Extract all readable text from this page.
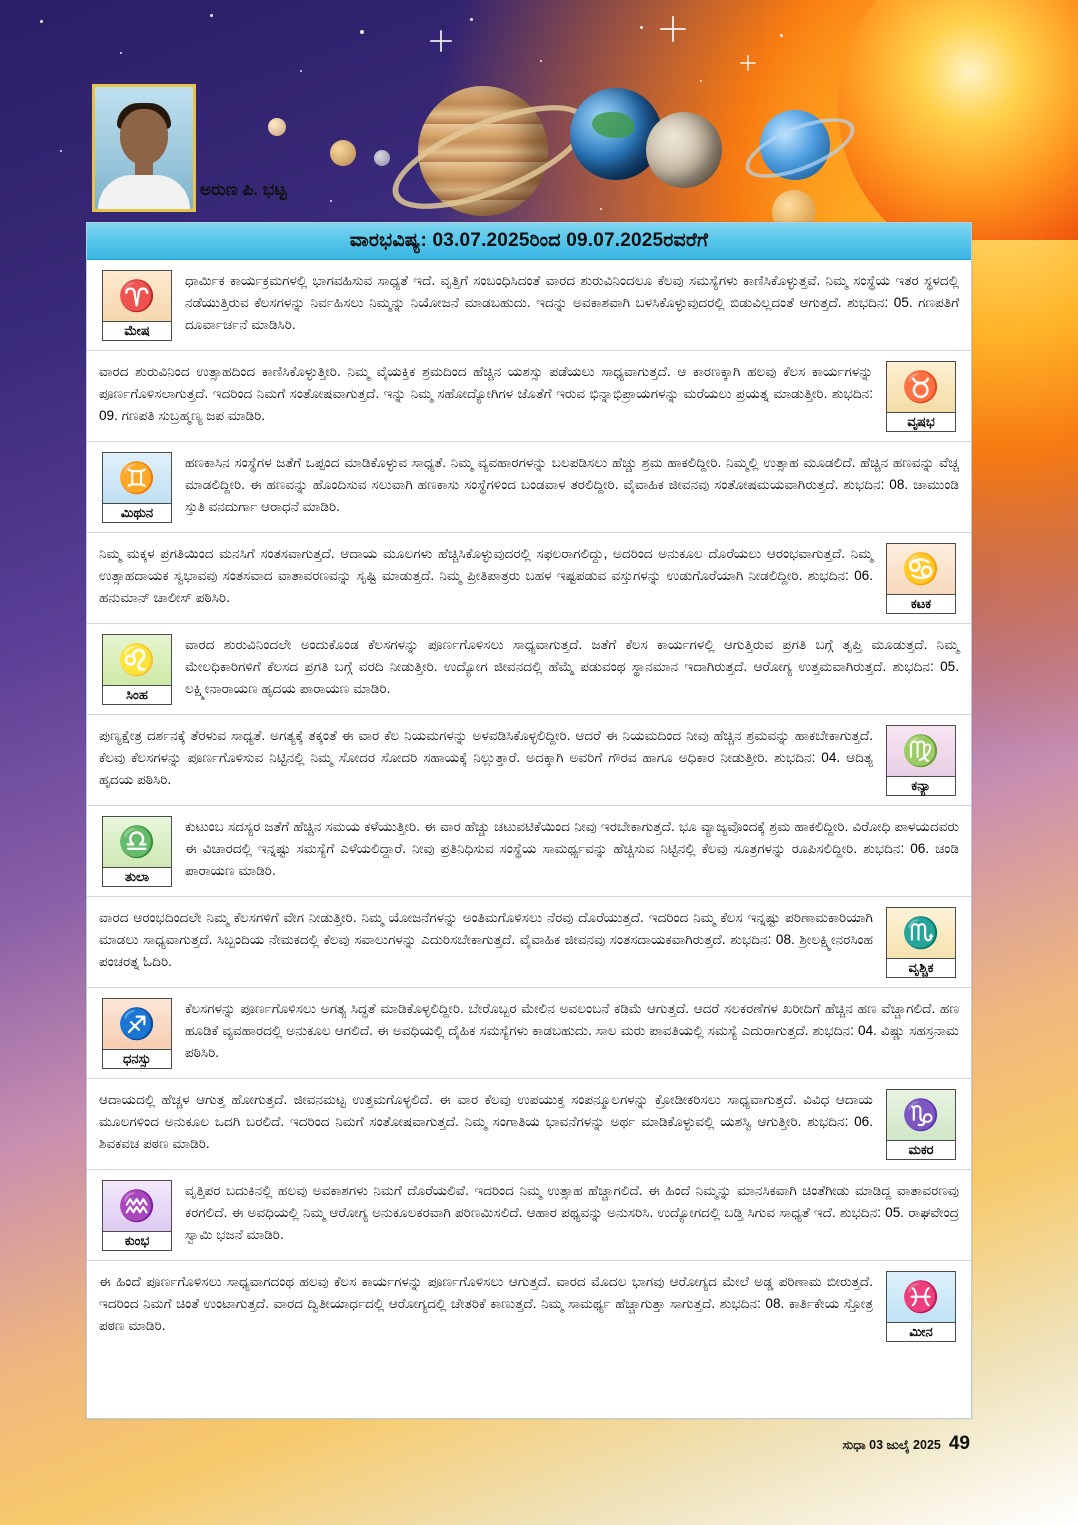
ಅರುಣ ಪಿ. ಭಟ್ಟ
ವಾರಭವಿಷ್ಯ: 03.07.2025ರಿಂದ 09.07.2025ರವರೆಗೆ
♈
ಮೇಷ
ಧಾರ್ಮಿಕ ಕಾರ್ಯಕ್ರಮಗಳಲ್ಲಿ ಭಾಗವಹಿಸುವ ಸಾಧ್ಯತೆ ಇದೆ. ವೃತ್ತಿಗೆ ಸಂಬಂಧಿಸಿದಂತೆ ವಾರದ ಶುರುವಿನಿಂದಲೂ ಕೆಲವು ಸಮಸ್ಯೆಗಳು ಕಾಣಿಸಿಕೊಳ್ಳುತ್ತವೆ. ನಿಮ್ಮ ಸಂಸ್ಥೆಯ ಇತರ ಸ್ಥಳದಲ್ಲಿ ನಡೆಯುತ್ತಿರುವ ಕೆಲಸಗಳನ್ನು ನಿರ್ವಹಿಸಲು ನಿಮ್ಮನ್ನು ನಿಯೋಜನೆ ಮಾಡಬಹುದು. ಇದನ್ನು ಅವಕಾಶವಾಗಿ ಬಳಸಿಕೊಳ್ಳುವುದರಲ್ಲಿ ಬಿಡುವಿಲ್ಲದಂತೆ ಆಗುತ್ತದೆ. ಶುಭದಿನ: 05. ಗಣಪತಿಗೆ ದೂರ್ವಾರ್ಚನೆ ಮಾಡಿಸಿರಿ.
♉
ವೃಷಭ
ವಾರದ ಶುರುವಿನಿಂದ ಉತ್ಸಾಹದಿಂದ ಕಾಣಿಸಿಕೊಳ್ಳುತ್ತೀರಿ. ನಿಮ್ಮ ವೈಯಕ್ತಿಕ ಶ್ರಮದಿಂದ ಹೆಚ್ಚಿನ ಯಶಸ್ಸು ಪಡೆಯಲು ಸಾಧ್ಯವಾಗುತ್ತದೆ. ಆ ಕಾರಣಕ್ಕಾಗಿ ಹಲವು ಕೆಲಸ ಕಾರ್ಯಗಳನ್ನು ಪೂರ್ಣಗೊಳಿಸಲಾಗುತ್ತದೆ. ಇದರಿಂದ ನಿಮಗೆ ಸಂತೋಷವಾಗುತ್ತದೆ. ಇನ್ನು ನಿಮ್ಮ ಸಹೋದ್ಯೋಗಿಗಳ ಜೊತೆಗೆ ಇರುವ ಭಿನ್ನಾಭಿಪ್ರಾಯಗಳನ್ನು ಮರೆಯಲು ಪ್ರಯತ್ನ ಮಾಡುತ್ತೀರಿ. ಶುಭದಿನ: 09. ಗಣಪತಿ ಸುಬ್ರಹ್ಮಣ್ಯ ಜಪ ಮಾಡಿರಿ.
♊
ಮಿಥುನ
ಹಣಕಾಸಿನ ಸಂಸ್ಥೆಗಳ ಜತೆಗೆ ಒಪ್ಪಂದ ಮಾಡಿಕೊಳ್ಳುವ ಸಾಧ್ಯತೆ. ನಿಮ್ಮ ವ್ಯವಹಾರಗಳನ್ನು ಬಲಪಡಿಸಲು ಹೆಚ್ಚು ಶ್ರಮ ಹಾಕಲಿದ್ದೀರಿ. ನಿಮ್ಮಲ್ಲಿ ಉತ್ಸಾಹ ಮೂಡಲಿದೆ. ಹೆಚ್ಚಿನ ಹಣವನ್ನು ವೆಚ್ಚ ಮಾಡಲಿದ್ದೀರಿ. ಈ ಹಣವನ್ನು ಹೊಂದಿಸುವ ಸಲುವಾಗಿ ಹಣಕಾಸು ಸಂಸ್ಥೆಗಳಿಂದ ಬಂಡವಾಳ ತರಲಿದ್ದೀರಿ. ವೈವಾಹಿಕ ಜೀವನವು ಸಂತೋಷಮಯವಾಗಿರುತ್ತದೆ. ಶುಭದಿನ: 08. ಚಾಮುಂಡಿ ಸ್ತುತಿ ವನದುರ್ಗಾ ಆರಾಧನೆ ಮಾಡಿರಿ.
♋
ಕಟಕ
ನಿಮ್ಮ ಮಕ್ಕಳ ಪ್ರಗತಿಯಿಂದ ಮನಸಿಗೆ ಸಂತಸವಾಗುತ್ತದೆ. ಆದಾಯ ಮೂಲಗಳು ಹೆಚ್ಚಿಸಿಕೊಳ್ಳುವುದರಲ್ಲಿ ಸಫಲರಾಗಲಿದ್ದು, ಅದರಿಂದ ಅನುಕೂಲ ದೊರೆಯಲು ಆರಂಭವಾಗುತ್ತದೆ. ನಿಮ್ಮ ಉತ್ಸಾಹದಾಯಕ ಸ್ವಭಾವವು ಸಂತಸವಾದ ವಾತಾವರಣವನ್ನು ಸೃಷ್ಟಿ ಮಾಡುತ್ತದೆ. ನಿಮ್ಮ ಪ್ರೀತಿಪಾತ್ರರು ಬಹಳ ಇಷ್ಟಪಡುವ ವಸ್ತುಗಳನ್ನು ಉಡುಗೊರೆಯಾಗಿ ನೀಡಲಿದ್ದೀರಿ. ಶುಭದಿನ: 06. ಹನುಮಾನ್ ಚಾಲೀಸ್ ಪಠಿಸಿರಿ.
♌
ಸಿಂಹ
ವಾರದ ಶುರುವಿನಿಂದಲೇ ಅಂದುಕೊಂಡ ಕೆಲಸಗಳನ್ನು ಪೂರ್ಣಗೊಳಿಸಲು ಸಾಧ್ಯವಾಗುತ್ತದೆ. ಜತೆಗೆ ಕೆಲಸ ಕಾರ್ಯಗಳಲ್ಲಿ ಆಗುತ್ತಿರುವ ಪ್ರಗತಿ ಬಗ್ಗೆ ತೃಪ್ತಿ ಮೂಡುತ್ತದೆ. ನಿಮ್ಮ ಮೇಲಧಿಕಾರಿಗಳಿಗೆ ಕೆಲಸದ ಪ್ರಗತಿ ಬಗ್ಗೆ ವರದಿ ನೀಡುತ್ತೀರಿ. ಉದ್ಯೋಗ ಜೀವನದಲ್ಲಿ ಹೆಮ್ಮೆ ಪಡುವಂಥ ಸ್ಥಾನಮಾನ ಇದಾಗಿರುತ್ತದೆ. ಆರೋಗ್ಯ ಉತ್ತಮವಾಗಿರುತ್ತದೆ. ಶುಭದಿನ: 05. ಲಕ್ಷ್ಮೀನಾರಾಯಣ ಹೃದಯ ಪಾರಾಯಣ ಮಾಡಿರಿ.
♍
ಕನ್ಯಾ
ಪುಣ್ಯಕ್ಷೇತ್ರ ದರ್ಶನಕ್ಕೆ ತೆರಳುವ ಸಾಧ್ಯತೆ. ಅಗತ್ಯಕ್ಕೆ ತಕ್ಕಂತೆ ಈ ವಾರ ಕೆಲ ನಿಯಮಗಳನ್ನು ಅಳವಡಿಸಿಕೊಳ್ಳಲಿದ್ದೀರಿ. ಆದರೆ ಈ ನಿಯಮದಿಂದ ನೀವು ಹೆಚ್ಚಿನ ಶ್ರಮವನ್ನು ಹಾಕಬೇಕಾಗುತ್ತದೆ. ಕೆಲವು ಕೆಲಸಗಳನ್ನು ಪೂರ್ಣಗೊಳಿಸುವ ನಿಟ್ಟಿನಲ್ಲಿ ನಿಮ್ಮ ಸೋದರ ಸೋದರಿ ಸಹಾಯಕ್ಕೆ ನಿಲ್ಲುತ್ತಾರೆ. ಅದಕ್ಕಾಗಿ ಅವರಿಗೆ ಗೌರವ ಹಾಗೂ ಅಧಿಕಾರ ನೀಡುತ್ತೀರಿ. ಶುಭದಿನ: 04. ಆದಿತ್ಯ ಹೃದಯ ಪಠಿಸಿರಿ.
♎
ತುಲಾ
ಕುಟುಂಬ ಸದಸ್ಯರ ಜತೆಗೆ ಹೆಚ್ಚಿನ ಸಮಯ ಕಳೆಯುತ್ತೀರಿ. ಈ ವಾರ ಹೆಚ್ಚು ಚಟುವಟಿಕೆಯಿಂದ ನೀವು ಇರಬೇಕಾಗುತ್ತದೆ. ಭೂ ವ್ಯಾಜ್ಯವೊಂದಕ್ಕೆ ಶ್ರಮ ಹಾಕಲಿದ್ದೀರಿ. ವಿರೋಧಿ ಪಾಳಯದವರು ಈ ವಿಚಾರದಲ್ಲಿ ಇನ್ನಷ್ಟು ಸಮಸ್ಯೆಗೆ ಎಳೆಯಲಿದ್ದಾರೆ. ನೀವು ಪ್ರತಿನಿಧಿಸುವ ಸಂಸ್ಥೆಯ ಸಾಮರ್ಥ್ಯವನ್ನು ಹೆಚ್ಚಿಸುವ ನಿಟ್ಟಿನಲ್ಲಿ ಕೆಲವು ಸೂತ್ರಗಳನ್ನು ರೂಪಿಸಲಿದ್ದೀರಿ. ಶುಭದಿನ: 06. ಚಂಡಿ ಪಾರಾಯಣ ಮಾಡಿರಿ.
♏
ವೃಶ್ಚಿಕ
ವಾರದ ಆರಂಭದಿಂದಲೇ ನಿಮ್ಮ ಕೆಲಸಗಳಿಗೆ ವೇಗ ನೀಡುತ್ತೀರಿ. ನಿಮ್ಮ ಯೋಜನೆಗಳನ್ನು ಅಂತಿಮಗೊಳಿಸಲು ನೆರವು ದೊರೆಯುತ್ತದೆ. ಇದರಿಂದ ನಿಮ್ಮ ಕೆಲಸ ಇನ್ನಷ್ಟು ಪರಿಣಾಮಕಾರಿಯಾಗಿ ಮಾಡಲು ಸಾಧ್ಯವಾಗುತ್ತದೆ. ಸಿಬ್ಬಂದಿಯ ನೇಮಕದಲ್ಲಿ ಕೆಲವು ಸವಾಲುಗಳನ್ನು ಎದುರಿಸಬೇಕಾಗುತ್ತದೆ. ವೈವಾಹಿಕ ಜೀವನವು ಸಂತಸದಾಯಕವಾಗಿರುತ್ತದೆ. ಶುಭದಿನ: 08. ಶ್ರೀಲಕ್ಷ್ಮೀನರಸಿಂಹ ಪಂಚರತ್ನ ಓದಿರಿ.
♐
ಧನಸ್ಸು
ಕೆಲಸಗಳನ್ನು ಪೂರ್ಣಗೊಳಿಸಲು ಅಗತ್ಯ ಸಿದ್ಧತೆ ಮಾಡಿಕೊಳ್ಳಲಿದ್ದೀರಿ. ಬೇರೊಬ್ಬರ ಮೇಲಿನ ಅವಲಂಬನೆ ಕಡಿಮೆ ಆಗುತ್ತದೆ. ಆದರೆ ಸಲಕರಣೆಗಳ ಖರೀದಿಗೆ ಹೆಚ್ಚಿನ ಹಣ ವೆಚ್ಚಾಗಲಿದೆ. ಹಣ ಹೂಡಿಕೆ ವ್ಯವಹಾರದಲ್ಲಿ ಅನುಕೂಲ ಆಗಲಿದೆ. ಈ ಅವಧಿಯಲ್ಲಿ ದೈಹಿಕ ಸಮಸ್ಯೆಗಳು ಕಾಡಬಹುದು. ಸಾಲ ಮರು ಪಾವತಿಯಲ್ಲಿ ಸಮಸ್ಯೆ ಎದುರಾಗುತ್ತದೆ. ಶುಭದಿನ: 04. ವಿಷ್ಣು ಸಹಸ್ರನಾಮ ಪಠಿಸಿರಿ.
♑
ಮಕರ
ಆದಾಯದಲ್ಲಿ ಹೆಚ್ಚಳ ಆಗುತ್ತ ಹೋಗುತ್ತದೆ. ಜೀವನಮಟ್ಟ ಉತ್ತಮಗೊಳ್ಳಲಿದೆ. ಈ ವಾರ ಕೆಲವು ಉಪಯುಕ್ತ ಸಂಪನ್ಮೂಲಗಳನ್ನು ಕ್ರೋಡೀಕರಿಸಲು ಸಾಧ್ಯವಾಗುತ್ತದೆ. ವಿವಿಧ ಆದಾಯ ಮೂಲಗಳಿಂದ ಅನುಕೂಲ ಒದಗಿ ಬರಲಿದೆ. ಇದರಿಂದ ನಿಮಗೆ ಸಂತೋಷವಾಗುತ್ತದೆ. ನಿಮ್ಮ ಸಂಗಾತಿಯ ಭಾವನೆಗಳನ್ನು ಅರ್ಥ ಮಾಡಿಕೊಳ್ಳುವಲ್ಲಿ ಯಶಸ್ವಿ ಆಗುತ್ತೀರಿ. ಶುಭದಿನ: 06. ಶಿವಕವಚ ಪಠಣ ಮಾಡಿರಿ.
♒
ಕುಂಭ
ವೃತ್ತಿಪರ ಬದುಕಿನಲ್ಲಿ ಹಲವು ಅವಕಾಶಗಳು ನಿಮಗೆ ದೊರೆಯಲಿವೆ. ಇದರಿಂದ ನಿಮ್ಮ ಉತ್ಸಾಹ ಹೆಚ್ಚಾಗಲಿದೆ. ಈ ಹಿಂದೆ ನಿಮ್ಮನ್ನು ಮಾನಸಿಕವಾಗಿ ಚಿಂತೆಗೀಡು ಮಾಡಿದ್ದ ವಾತಾವರಣವು ಕರಗಲಿದೆ. ಈ ಅವಧಿಯಲ್ಲಿ ನಿಮ್ಮ ಆರೋಗ್ಯ ಅನುಕೂಲಕರವಾಗಿ ಪರಿಣಮಿಸಲಿದೆ. ಆಹಾರ ಪಥ್ಯವನ್ನು ಅನುಸರಿಸಿ. ಉದ್ಯೋಗದಲ್ಲಿ ಬಡ್ತಿ ಸಿಗುವ ಸಾಧ್ಯತೆ ಇದೆ. ಶುಭದಿನ: 05. ರಾಘವೇಂದ್ರ ಸ್ವಾಮಿ ಭಜನೆ ಮಾಡಿರಿ.
♓
ಮೀನ
ಈ ಹಿಂದೆ ಪೂರ್ಣಗೊಳಿಸಲು ಸಾಧ್ಯವಾಗದಂಥ ಹಲವು ಕೆಲಸ ಕಾರ್ಯಗಳನ್ನು ಪೂರ್ಣಗೊಳಿಸಲು ಆಗುತ್ತದೆ. ವಾರದ ಮೊದಲ ಭಾಗವು ಆರೋಗ್ಯದ ಮೇಲೆ ಅಡ್ಡ ಪರಿಣಾಮ ಬೀರುತ್ತದೆ. ಇದರಿಂದ ನಿಮಗೆ ಚಿಂತೆ ಉಂಟಾಗುತ್ತದೆ. ವಾರದ ದ್ವಿತೀಯಾರ್ಧದಲ್ಲಿ ಆರೋಗ್ಯದಲ್ಲಿ ಚೇತರಿಕೆ ಕಾಣುತ್ತದೆ. ನಿಮ್ಮ ಸಾಮರ್ಥ್ಯ ಹೆಚ್ಚಾಗುತ್ತಾ ಸಾಗುತ್ತದೆ. ಶುಭದಿನ: 08. ಕಾರ್ತಿಕೇಯ ಸ್ತೋತ್ರ ಪಠಣ ಮಾಡಿರಿ.
ಸುಧಾ 03 ಜುಲೈ 2025 49
